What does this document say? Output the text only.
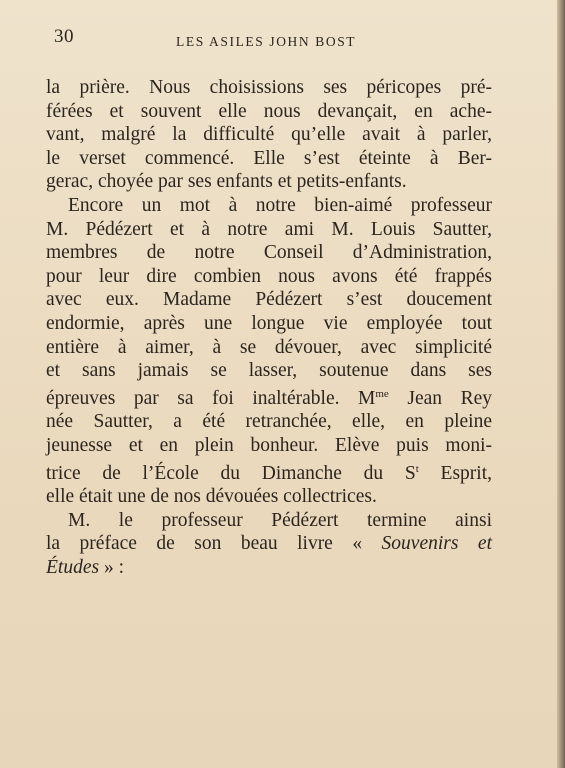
30	LES ASILES JOHN BOST
la prière. Nous choisissions ses péricopes pré-
férées et souvent elle nous devançait, en ache-
vant, malgré la difficulté qu’elle avait à parler,
le verset commencé. Elle s’est éteinte à Ber-
gerac, choyée par ses enfants et petits-enfants.
Encore un mot à notre bien-aimé professeur
M. Pédézert et à notre ami M. Louis Sautter,
membres de notre Conseil d’Administration,
pour leur dire combien nous avons été frappés
avec eux. Madame Pédézert s’est doucement
endormie, après une longue vie employée tout
entière à aimer, à se dévouer, avec simplicité
et sans jamais se lasser, soutenue dans ses
épreuves par sa foi inaltérable. $M^{me}$ Jean Rey
née Sautter, a été retranchée, elle, en pleine
jeunesse et en plein bonheur. Elève puis moni-
trice de l’École du Dimanche du $S^t$ Esprit,
elle était une de nos dévouées collectrices.
M. le professeur Pédézert termine ainsi
la préface de son beau livre « Souvenirs et
Études » :
